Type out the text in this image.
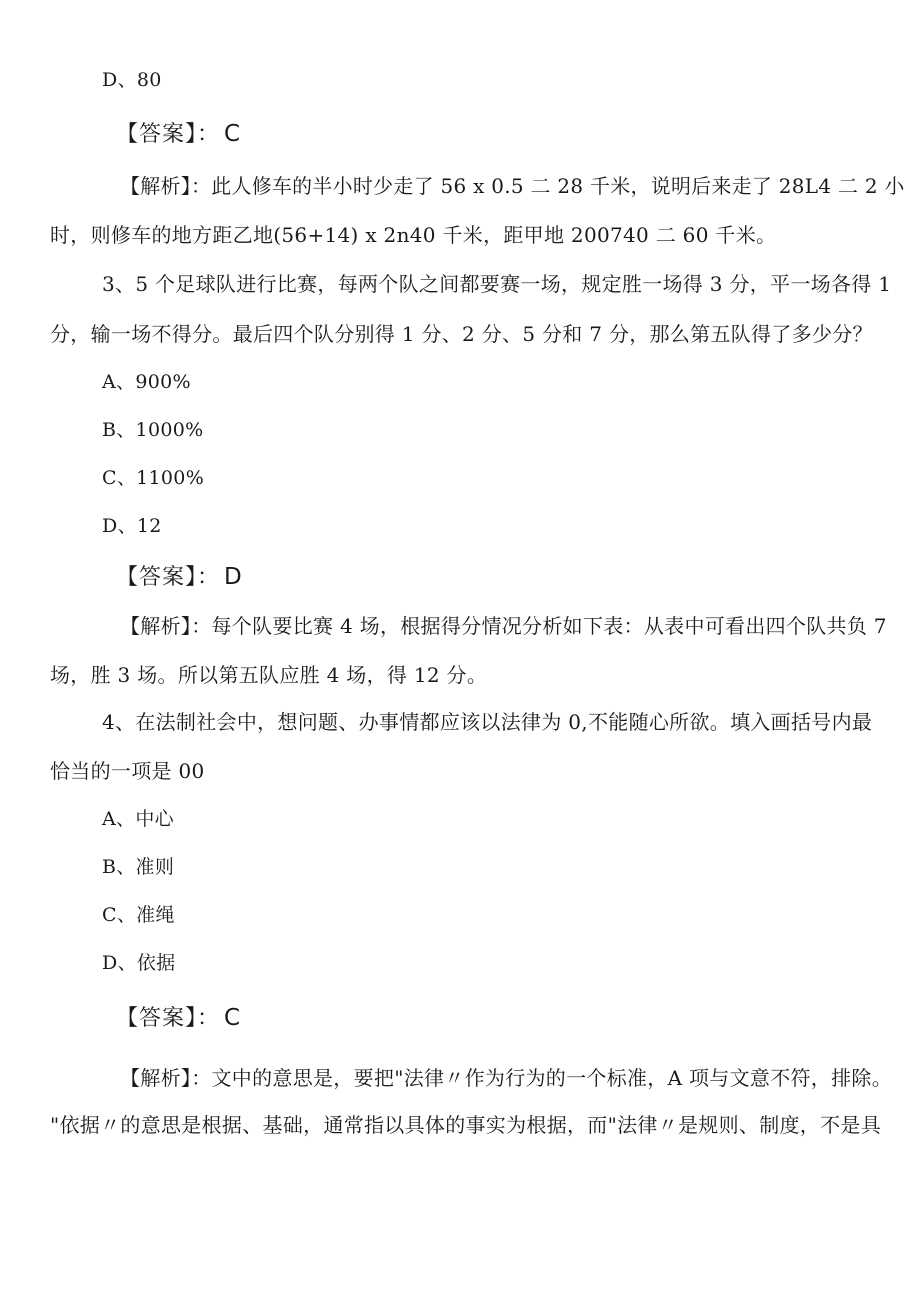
D、80
【答案】： C
【解析】：此人修车的半小时少走了 56 x 0.5 二 28 千米，说明后来走了 28L4 二 2 小
时，则修车的地方距乙地(56+14) x 2n40 千米，距甲地 200740 二 60 千米。
3、5 个足球队进行比赛，每两个队之间都要赛一场，规定胜一场得 3 分，平一场各得 1
分，输一场不得分。最后四个队分别得 1 分、2 分、5 分和 7 分，那么第五队得了多少分？
A、900%
B、1000%
C、1100%
D、12
【答案】： D
【解析】：每个队要比赛 4 场，根据得分情况分析如下表：从表中可看出四个队共负 7
场，胜 3 场。所以第五队应胜 4 场，得 12 分。
4、在法制社会中，想问题、办事情都应该以法律为 0,不能随心所欲。填入画括号内最
恰当的一项是 00
A、中心
B、准则
C、准绳
D、依据
【答案】： C
【解析】：文中的意思是，要把"法律〃作为行为的一个标准，A 项与文意不符，排除。
"依据〃的意思是根据、基础，通常指以具体的事实为根据，而"法律〃是规则、制度，不是具
